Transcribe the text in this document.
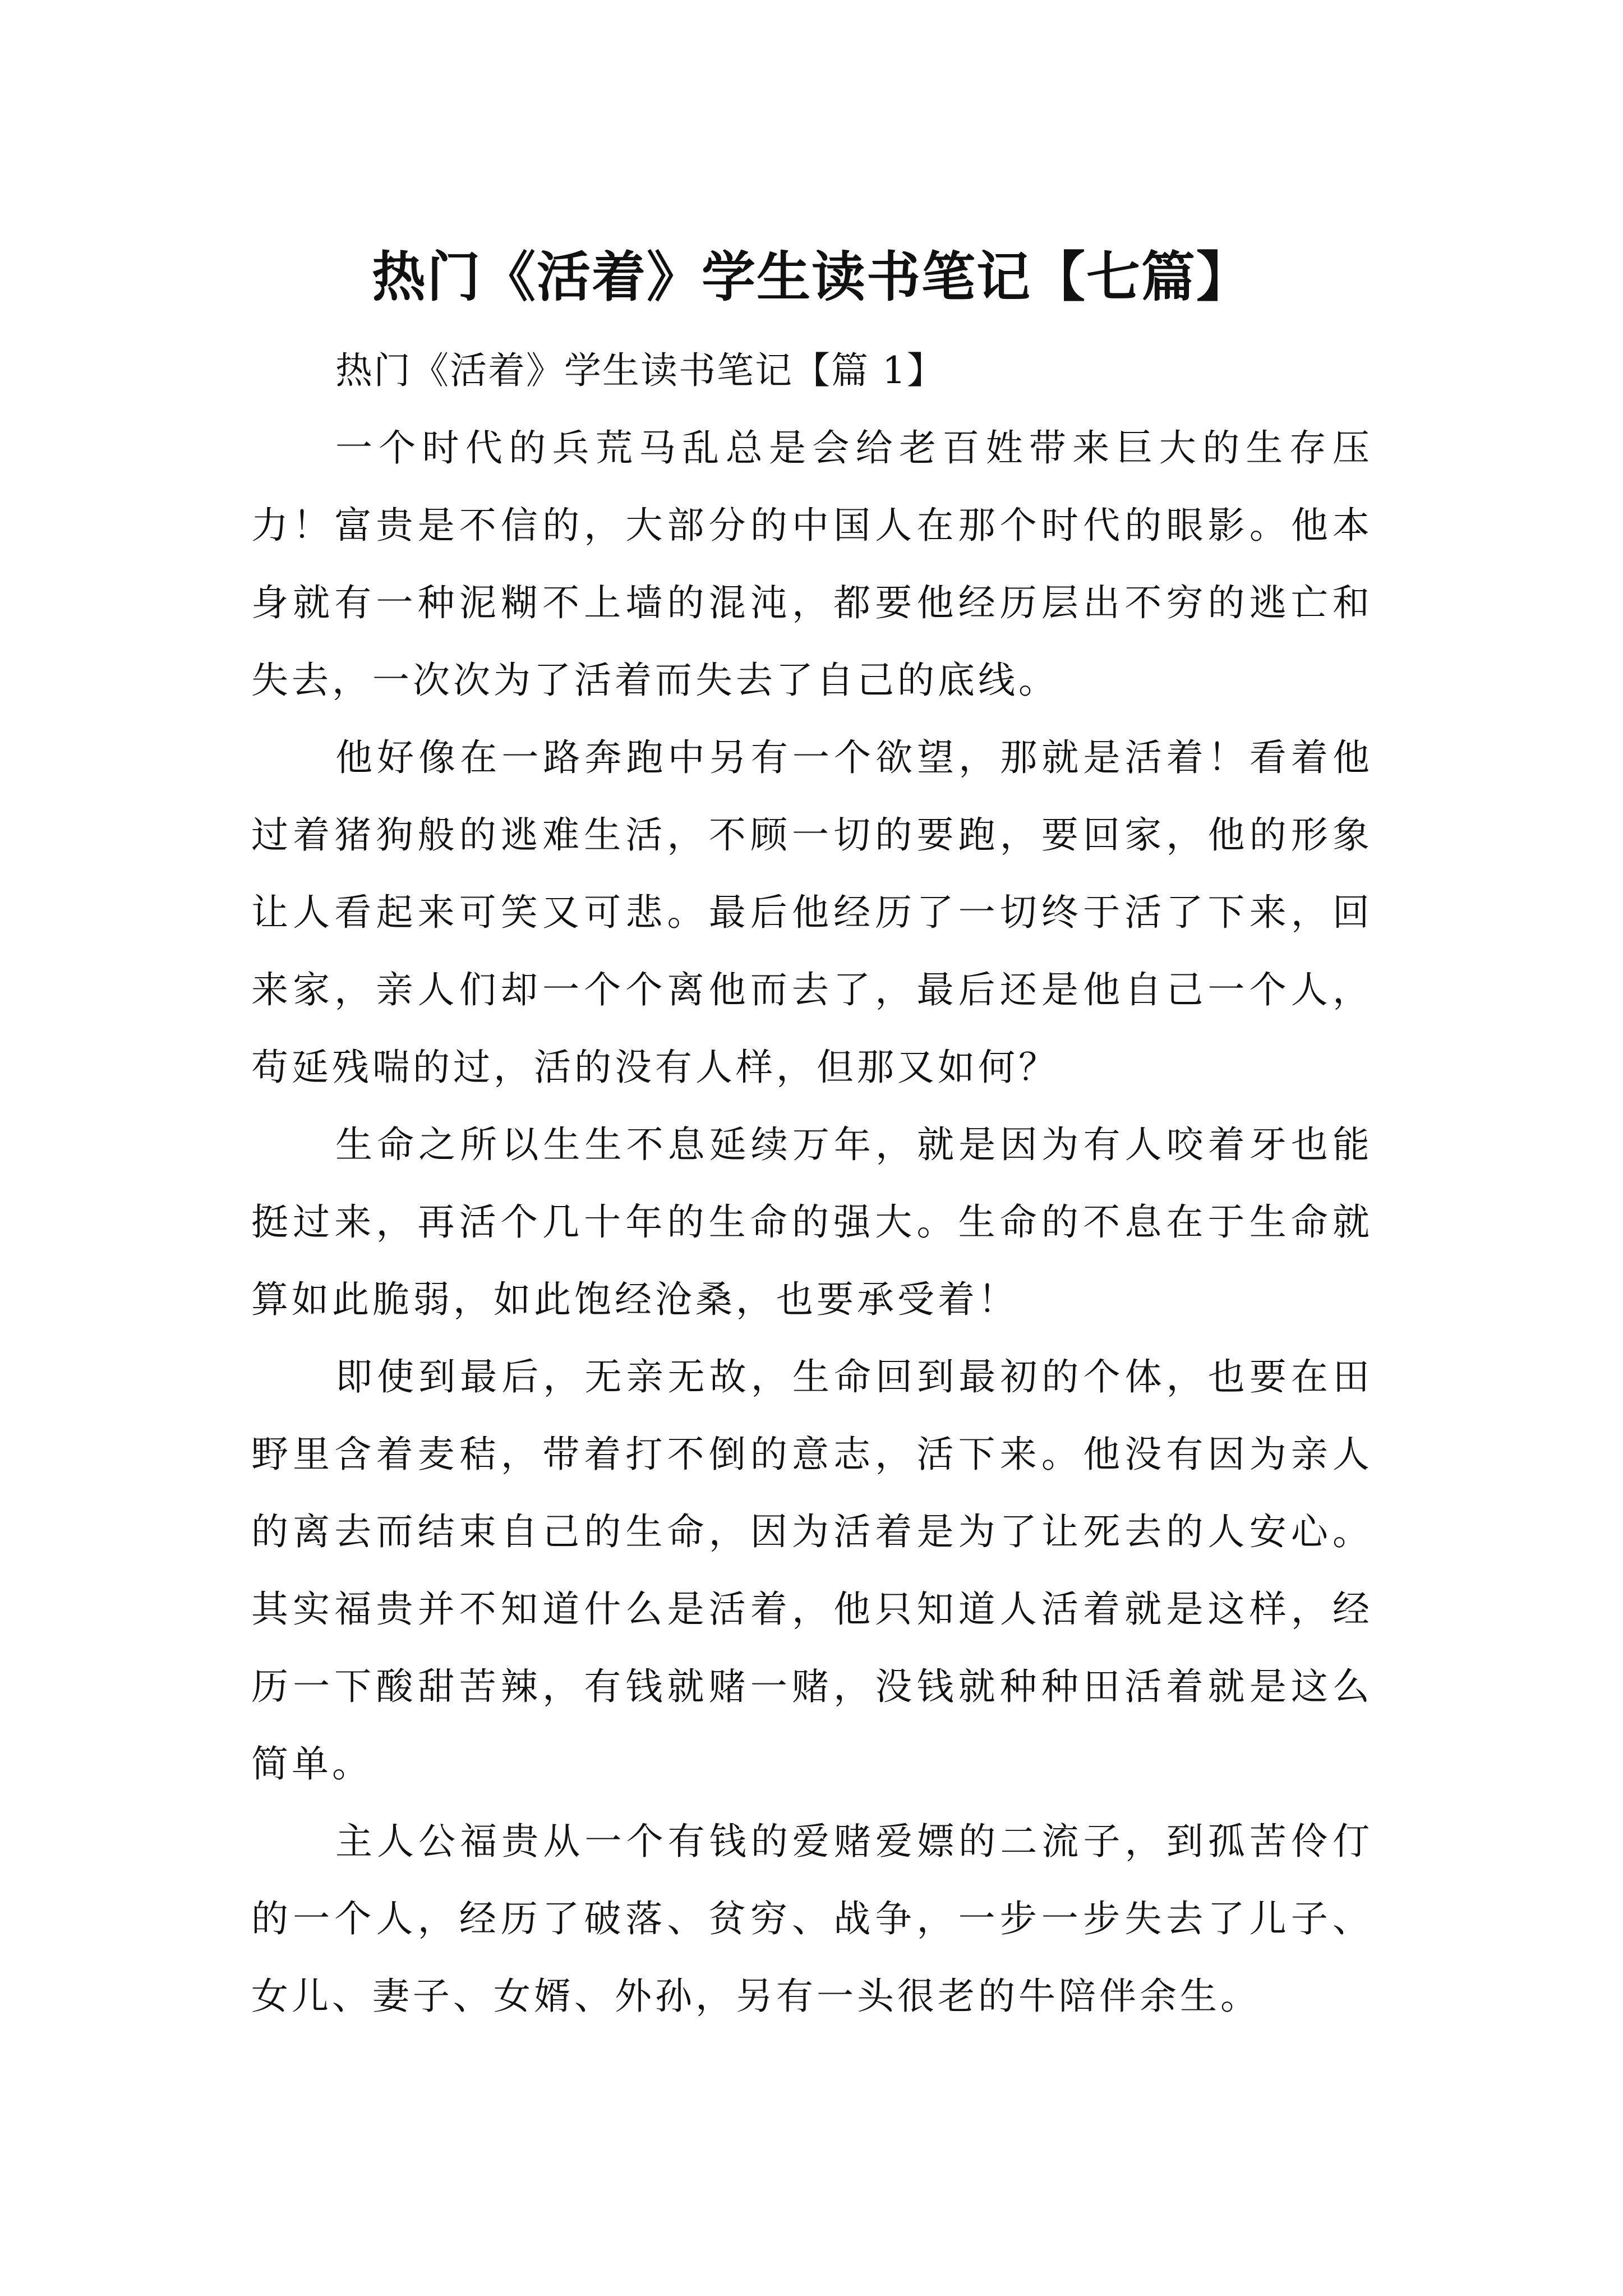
热门《活着》学生读书笔记【七篇】

热门《活着》学生读书笔记【篇 1】

一个时代的兵荒马乱总是会给老百姓带来巨大的生存压力！富贵是不信的，大部分的中国人在那个时代的眼影。他本身就有一种泥糊不上墙的混沌，都要他经历层出不穷的逃亡和失去，一次次为了活着而失去了自己的底线。

他好像在一路奔跑中另有一个欲望，那就是活着！看着他过着猪狗般的逃难生活，不顾一切的要跑，要回家，他的形象让人看起来可笑又可悲。最后他经历了一切终于活了下来，回来家，亲人们却一个个离他而去了，最后还是他自己一个人，苟延残喘的过，活的没有人样，但那又如何？

生命之所以生生不息延续万年，就是因为有人咬着牙也能挺过来，再活个几十年的生命的强大。生命的不息在于生命就算如此脆弱，如此饱经沧桑，也要承受着！

即使到最后，无亲无故，生命回到最初的个体，也要在田野里含着麦秸，带着打不倒的意志，活下来。他没有因为亲人的离去而结束自己的生命，因为活着是为了让死去的人安心。其实福贵并不知道什么是活着，他只知道人活着就是这样，经历一下酸甜苦辣，有钱就赌一赌，没钱就种种田活着就是这么简单。

主人公福贵从一个有钱的爱赌爱嫖的二流子，到孤苦伶仃的一个人，经历了破落、贫穷、战争，一步一步失去了儿子、女儿、妻子、女婿、外孙，另有一头很老的牛陪伴余生。
